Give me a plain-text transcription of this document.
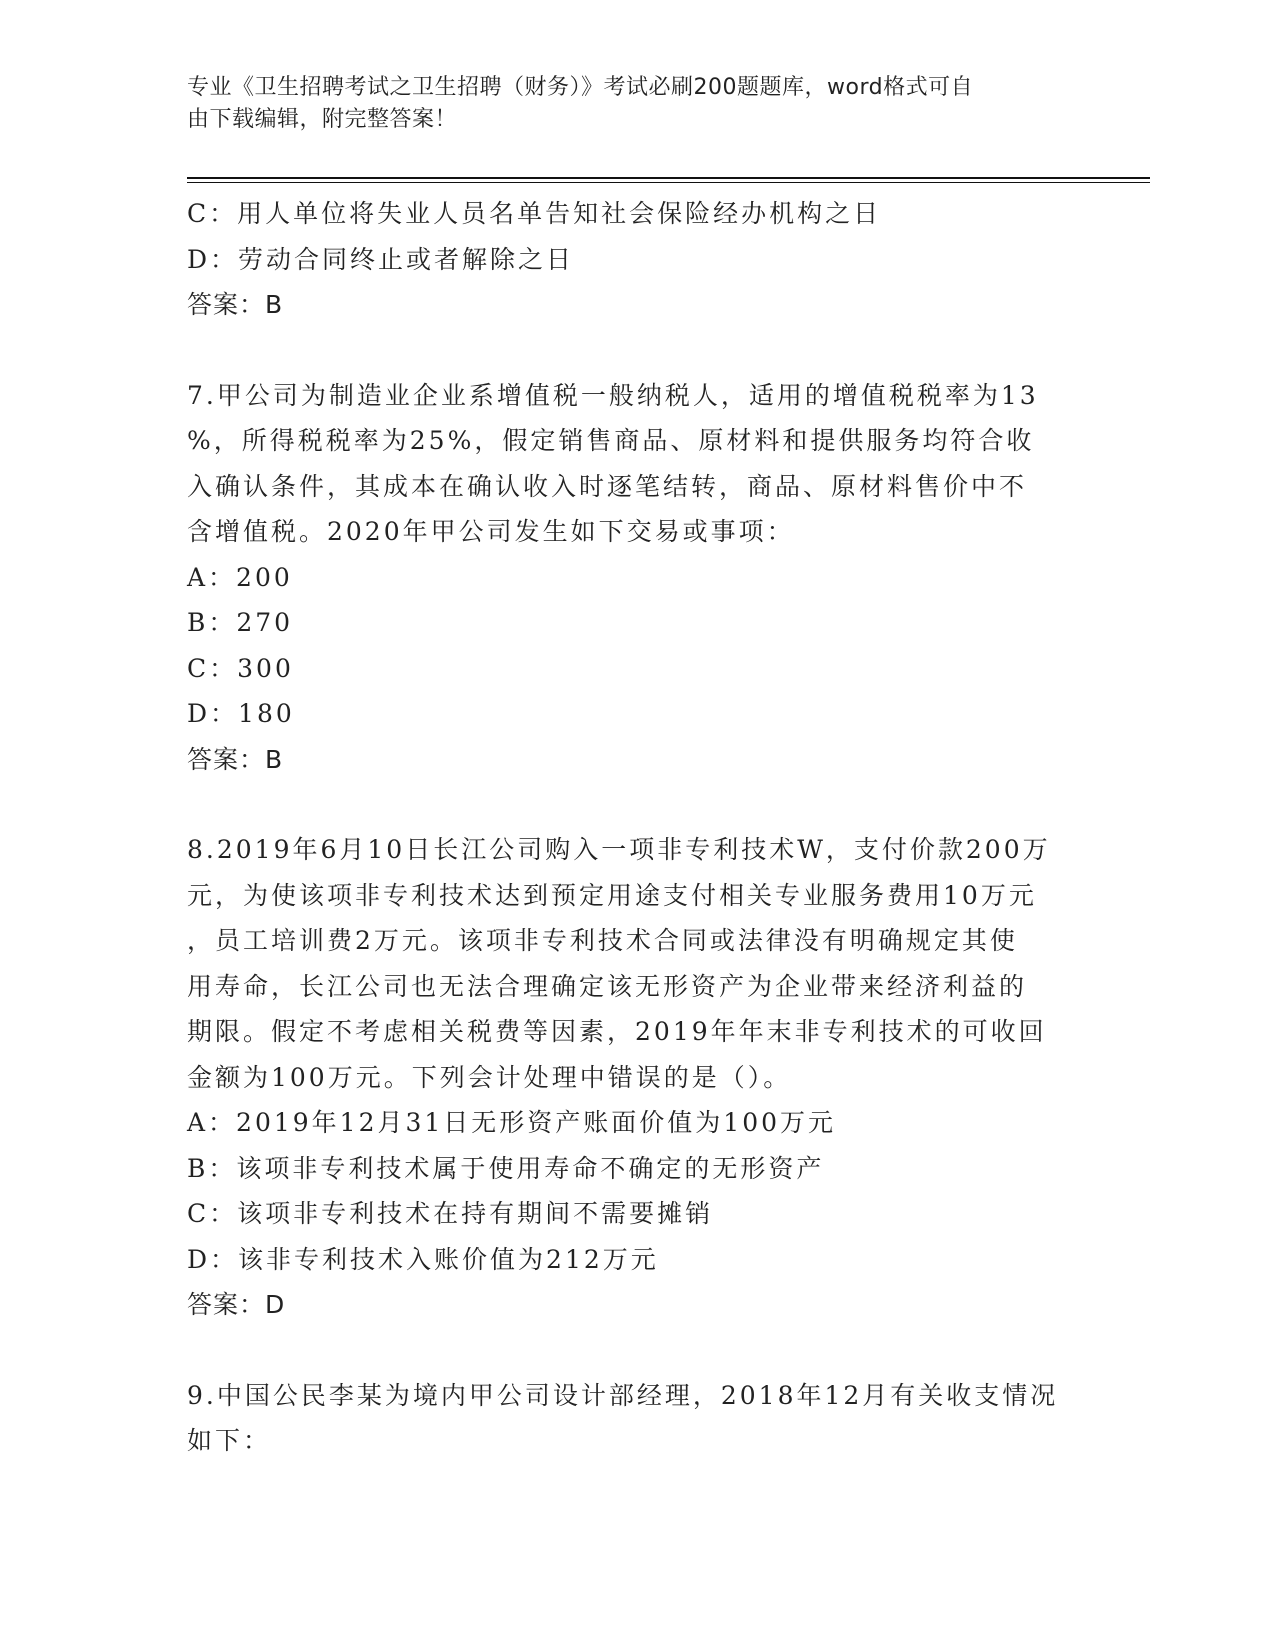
专业《卫生招聘考试之卫生招聘（财务）》考试必刷200题题库，word格式可自
由下载编辑，附完整答案！
C：用人单位将失业人员名单告知社会保险经办机构之日
D：劳动合同终止或者解除之日
答案：B
7.甲公司为制造业企业系增值税一般纳税人，适用的增值税税率为13
%，所得税税率为25%，假定销售商品、原材料和提供服务均符合收
入确认条件，其成本在确认收入时逐笔结转，商品、原材料售价中不
含增值税。2020年甲公司发生如下交易或事项：
A：200
B：270
C：300
D：180
答案：B
8.2019年6月10日长江公司购入一项非专利技术W，支付价款200万
元，为使该项非专利技术达到预定用途支付相关专业服务费用10万元
，员工培训费2万元。该项非专利技术合同或法律没有明确规定其使
用寿命，长江公司也无法合理确定该无形资产为企业带来经济利益的
期限。假定不考虑相关税费等因素，2019年年末非专利技术的可收回
金额为100万元。下列会计处理中错误的是（）。
A：2019年12月31日无形资产账面价值为100万元
B：该项非专利技术属于使用寿命不确定的无形资产
C：该项非专利技术在持有期间不需要摊销
D：该非专利技术入账价值为212万元
答案：D
9.中国公民李某为境内甲公司设计部经理，2018年12月有关收支情况
如下：
